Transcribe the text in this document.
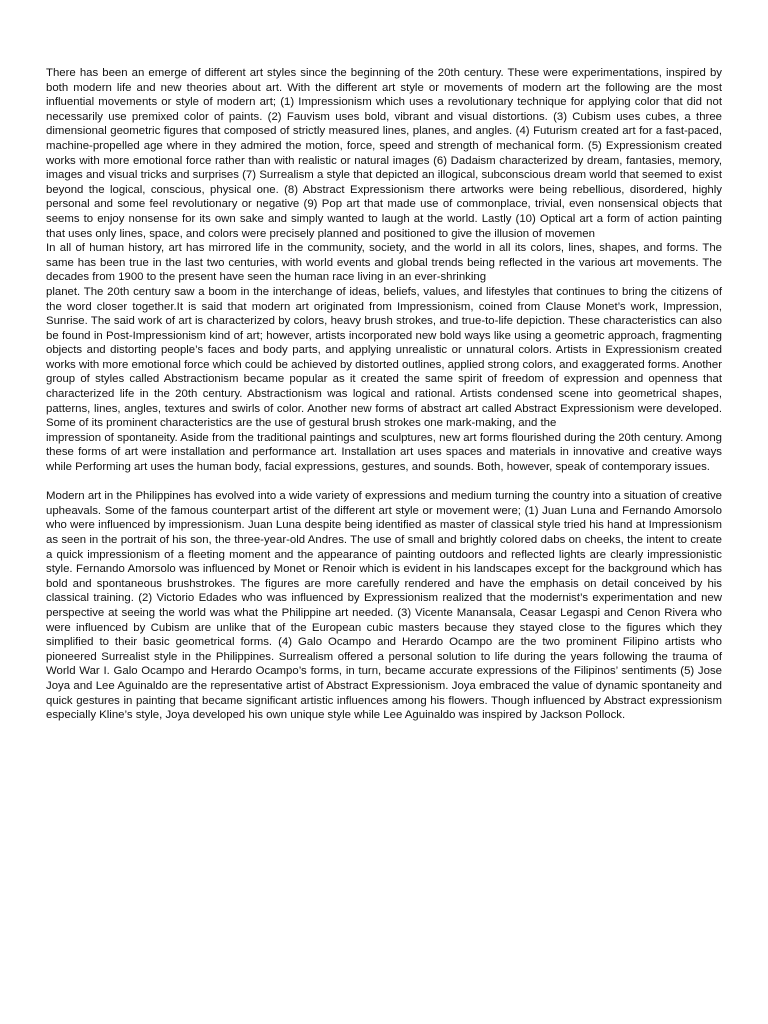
There has been an emerge of different art styles since the beginning of the 20th century. These were experimentations, inspired by both modern life and new theories about art. With the different art style or movements of modern art the following are the most influential movements or style of modern art; (1) Impressionism which uses a revolutionary technique for applying color that did not necessarily use premixed color of paints. (2) Fauvism uses bold, vibrant and visual distortions. (3) Cubism uses cubes, a three dimensional geometric figures that composed of strictly measured lines, planes, and angles. (4) Futurism created art for a fast-paced, machine-propelled age where in they admired the motion, force, speed and strength of mechanical form. (5) Expressionism created works with more emotional force rather than with realistic or natural images (6) Dadaism characterized by dream, fantasies, memory, images and visual tricks and surprises (7) Surrealism a style that depicted an illogical, subconscious dream world that seemed to exist beyond the logical, conscious, physical one. (8) Abstract Expressionism there artworks were being rebellious, disordered, highly personal and some feel revolutionary or negative (9) Pop art that made use of commonplace, trivial, even nonsensical objects that seems to enjoy nonsense for its own sake and simply wanted to laugh at the world. Lastly (10) Optical art a form of action painting that uses only lines, space, and colors were precisely planned and positioned to give the illusion of movemen

In all of human history, art has mirrored life in the community, society, and the world in all its colors, lines, shapes, and forms. The same has been true in the last two centuries, with world events and global trends being reflected in the various art movements. The decades from 1900 to the present have seen the human race living in an ever-shrinking

planet. The 20th century saw a boom in the interchange of ideas, beliefs, values, and lifestyles that continues to bring the citizens of the word closer together.It is said that modern art originated from Impressionism, coined from Clause Monet’s work, Impression, Sunrise. The said work of art is characterized by colors, heavy brush strokes, and true-to-life depiction. These characteristics can also be found in Post-Impressionism kind of art; however, artists incorporated new bold ways like using a geometric approach, fragmenting objects and distorting people’s faces and body parts, and applying unrealistic or unnatural colors. Artists in Expressionism created works with more emotional force which could be achieved by distorted outlines, applied strong colors, and exaggerated forms. Another group of styles called Abstractionism became popular as it created the same spirit of freedom of expression and openness that characterized life in the 20th century. Abstractionism was logical and rational. Artists condensed scene into geometrical shapes, patterns, lines, angles, textures and swirls of color. Another new forms of abstract art called Abstract Expressionism were developed. Some of its prominent characteristics are the use of gestural brush strokes one mark-making, and the

impression of spontaneity. Aside from the traditional paintings and sculptures, new art forms flourished during the 20th century. Among these forms of art were installation and performance art. Installation art uses spaces and materials in innovative and creative ways while Performing art uses the human body, facial expressions, gestures, and sounds. Both, however, speak of contemporary issues.

Modern art in the Philippines has evolved into a wide variety of expressions and medium turning the country into a situation of creative upheavals. Some of the famous counterpart artist of the different art style or movement were; (1) Juan Luna and Fernando Amorsolo who were influenced by impressionism. Juan Luna despite being identified as master of classical style tried his hand at Impressionism as seen in the portrait of his son, the three-year-old Andres. The use of small and brightly colored dabs on cheeks, the intent to create a quick impressionism of a fleeting moment and the appearance of painting outdoors and reflected lights are clearly impressionistic style. Fernando Amorsolo was influenced by Monet or Renoir which is evident in his landscapes except for the background which has bold and spontaneous brushstrokes. The figures are more carefully rendered and have the emphasis on detail conceived by his classical training. (2) Victorio Edades who was influenced by Expressionism realized that the modernist’s experimentation and new perspective at seeing the world was what the Philippine art needed. (3) Vicente Manansala, Ceasar Legaspi and Cenon Rivera who were influenced by Cubism are unlike that of the European cubic masters because they stayed close to the figures which they simplified to their basic geometrical forms. (4) Galo Ocampo and Herardo Ocampo are the two prominent Filipino artists who pioneered Surrealist style in the Philippines. Surrealism offered a personal solution to life during the years following the trauma of World War I. Galo Ocampo and Herardo Ocampo’s forms, in turn, became accurate expressions of the Filipinos’ sentiments (5) Jose Joya and Lee Aguinaldo are the representative artist of Abstract Expressionism. Joya embraced the value of dynamic spontaneity and quick gestures in painting that became significant artistic influences among his flowers. Though influenced by Abstract expressionism especially Kline’s style, Joya developed his own unique style while Lee Aguinaldo was inspired by Jackson Pollock.
